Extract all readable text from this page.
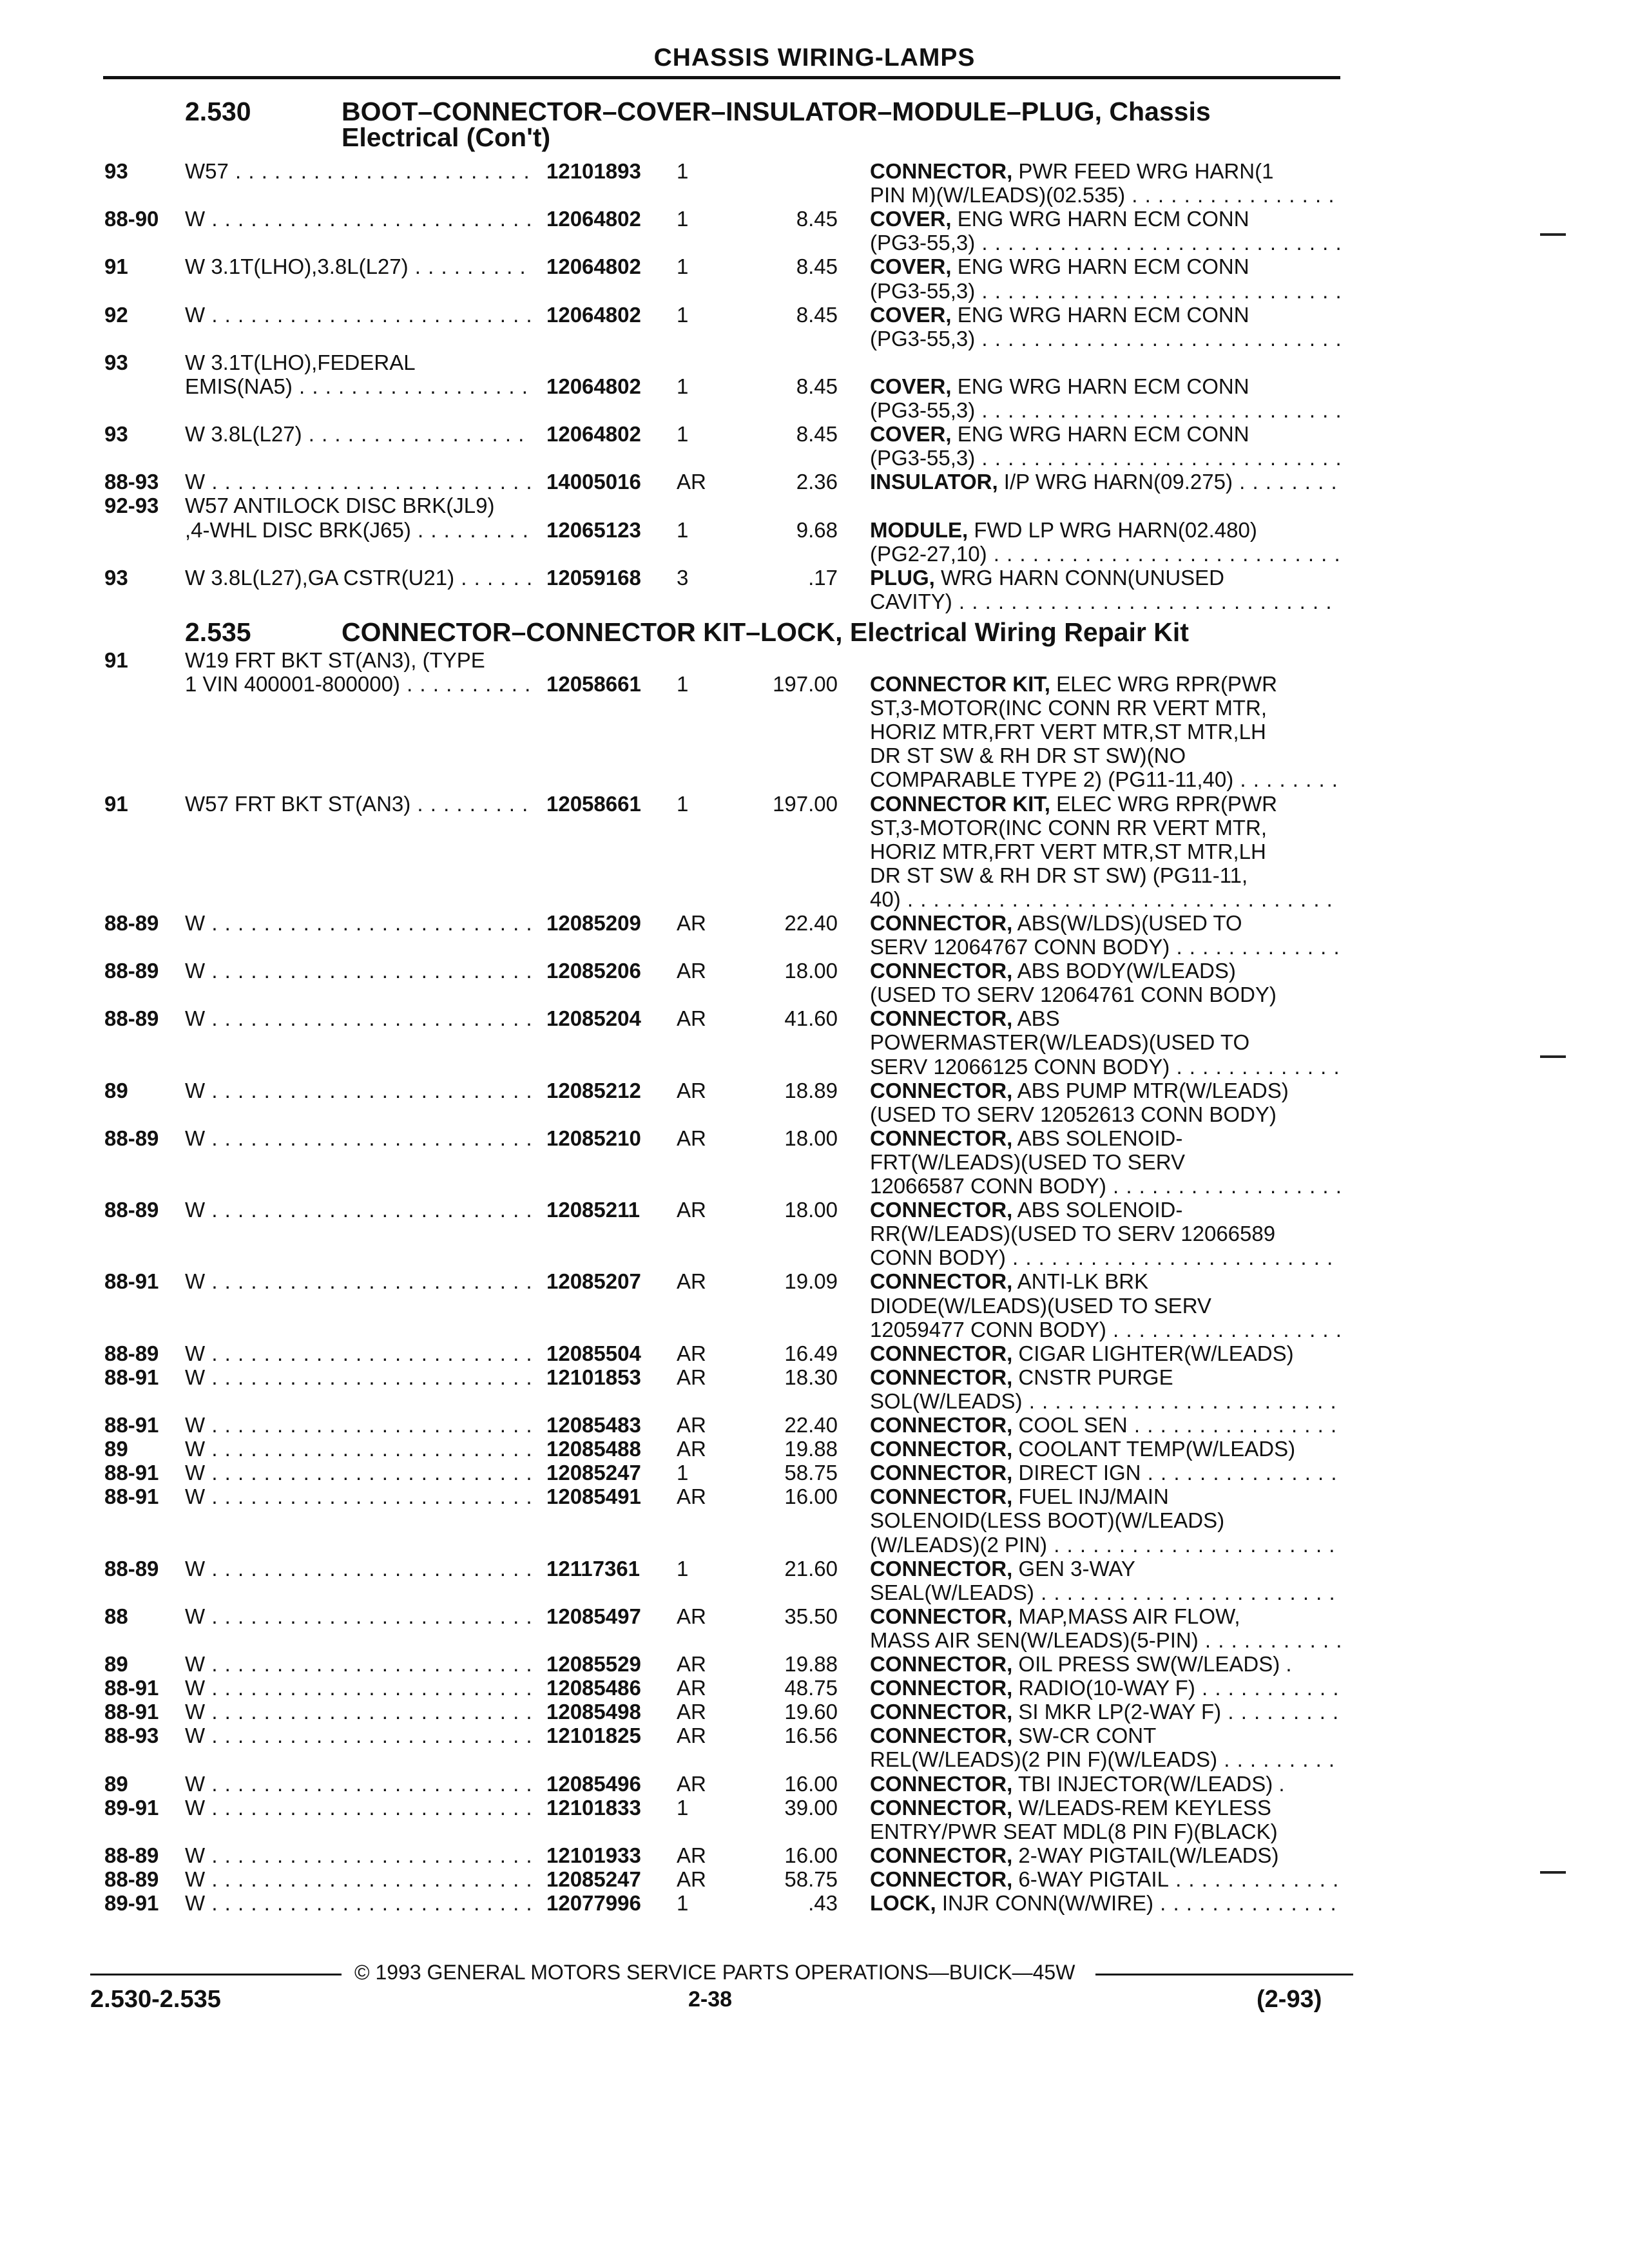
CHASSIS WIRING-LAMPS
2.530	BOOT–CONNECTOR–COVER–INSULATOR–MODULE–PLUG, Chassis
Electrical (Con't)
93	W57 . . .	12101893	1	CONNECTOR, PWR FEED WRG HARN(1
PIN M)(W/LEADS)(02.535) . . .
88-90	W . . .	12064802	1	8.45 COVER, ENG WRG HARN ECM CONN
(PG3-55,3) . . .
91	W 3.1T(LHO),3.8L(L27) . . .	12064802	1	8.45 COVER, ENG WRG HARN ECM CONN
(PG3-55,3) . . .
92	W . . .	12064802	1	8.45 COVER, ENG WRG HARN ECM CONN
(PG3-55,3) . . .
93	W 3.1T(LHO),FEDERAL
EMIS(NA5) . . .	12064802	1	8.45 COVER, ENG WRG HARN ECM CONN
(PG3-55,3) . . .
93	W 3.8L(L27) . . .	12064802	1	8.45 COVER, ENG WRG HARN ECM CONN
(PG3-55,3) . . .
88-93	W . . .	14005016	AR	2.36 INSULATOR, I/P WRG HARN(09.275) . . .
92-93	W57 ANTILOCK DISC BRK(JL9)
,4-WHL DISC BRK(J65) . . .	12065123	1	9.68 MODULE, FWD LP WRG HARN(02.480)
(PG2-27,10) . . .
93	W 3.8L(L27),GA CSTR(U21) . . .	12059168	3	.17 PLUG, WRG HARN CONN(UNUSED
CAVITY) . . .
2.535	CONNECTOR–CONNECTOR KIT–LOCK, Electrical Wiring Repair Kit
91	W19 FRT BKT ST(AN3), (TYPE
1 VIN 400001-800000) . . .	12058661	1	197.00 CONNECTOR KIT, ELEC WRG RPR(PWR
ST,3-MOTOR(INC CONN RR VERT MTR,
HORIZ MTR,FRT VERT MTR,ST MTR,LH
DR ST SW & RH DR ST SW)(NO
COMPARABLE TYPE 2) (PG11-11,40) . . .
91	W57 FRT BKT ST(AN3) . . .	12058661	1	197.00 CONNECTOR KIT, ELEC WRG RPR(PWR
ST,3-MOTOR(INC CONN RR VERT MTR,
HORIZ MTR,FRT VERT MTR,ST MTR,LH
DR ST SW & RH DR ST SW) (PG11-11,
40) . . .
88-89	W . . .	12085209	AR	22.40 CONNECTOR, ABS(W/LDS)(USED TO
SERV 12064767 CONN BODY) . . .
88-89	W . . .	12085206	AR	18.00 CONNECTOR, ABS BODY(W/LEADS)
(USED TO SERV 12064761 CONN BODY)
88-89	W . . .	12085204	AR	41.60 CONNECTOR, ABS
POWERMASTER(W/LEADS)(USED TO
SERV 12066125 CONN BODY) . . .
89	W . . .	12085212	AR	18.89 CONNECTOR, ABS PUMP MTR(W/LEADS)
(USED TO SERV 12052613 CONN BODY)
88-89	W . . .	12085210	AR	18.00 CONNECTOR, ABS SOLENOID-
FRT(W/LEADS)(USED TO SERV
12066587 CONN BODY) . . .
88-89	W . . .	12085211	AR	18.00 CONNECTOR, ABS SOLENOID-
RR(W/LEADS)(USED TO SERV 12066589
CONN BODY) . . .
88-91	W . . .	12085207	AR	19.09 CONNECTOR, ANTI-LK BRK
DIODE(W/LEADS)(USED TO SERV
12059477 CONN BODY) . . .
88-89	W . . .	12085504	AR	16.49 CONNECTOR, CIGAR LIGHTER(W/LEADS)
88-91	W . . .	12101853	AR	18.30 CONNECTOR, CNSTR PURGE
SOL(W/LEADS) . . .
88-91	W . . .	12085483	AR	22.40 CONNECTOR, COOL SEN . . .
89	W . . .	12085488	AR	19.88 CONNECTOR, COOLANT TEMP(W/LEADS)
88-91	W . . .	12085247	1	58.75 CONNECTOR, DIRECT IGN . . .
88-91	W . . .	12085491	AR	16.00 CONNECTOR, FUEL INJ/MAIN
SOLENOID(LESS BOOT)(W/LEADS)
(W/LEADS)(2 PIN) . . .
88-89	W . . .	12117361	1	21.60 CONNECTOR, GEN 3-WAY
SEAL(W/LEADS) . . .
88	W . . .	12085497	AR	35.50 CONNECTOR, MAP,MASS AIR FLOW,
MASS AIR SEN(W/LEADS)(5-PIN) . . .
89	W . . .	12085529	AR	19.88 CONNECTOR, OIL PRESS SW(W/LEADS) .
88-91	W . . .	12085486	AR	48.75 CONNECTOR, RADIO(10-WAY F) . . .
88-91	W . . .	12085498	AR	19.60 CONNECTOR, SI MKR LP(2-WAY F) . . .
88-93	W . . .	12101825	AR	16.56 CONNECTOR, SW-CR CONT
REL(W/LEADS)(2 PIN F)(W/LEADS) . . .
89	W . . .	12085496	AR	16.00 CONNECTOR, TBI INJECTOR(W/LEADS) .
89-91	W . . .	12101833	1	39.00 CONNECTOR, W/LEADS-REM KEYLESS
ENTRY/PWR SEAT MDL(8 PIN F)(BLACK)
88-89	W . . .	12101933	AR	16.00 CONNECTOR, 2-WAY PIGTAIL(W/LEADS)
88-89	W . . .	12085247	AR	58.75 CONNECTOR, 6-WAY PIGTAIL . . .
89-91	W . . .	12077996	1	.43 LOCK, INJR CONN(W/WIRE) . . .
© 1993 GENERAL MOTORS SERVICE PARTS OPERATIONS—BUICK—45W
2.530-2.535	2-38	(2-93)
